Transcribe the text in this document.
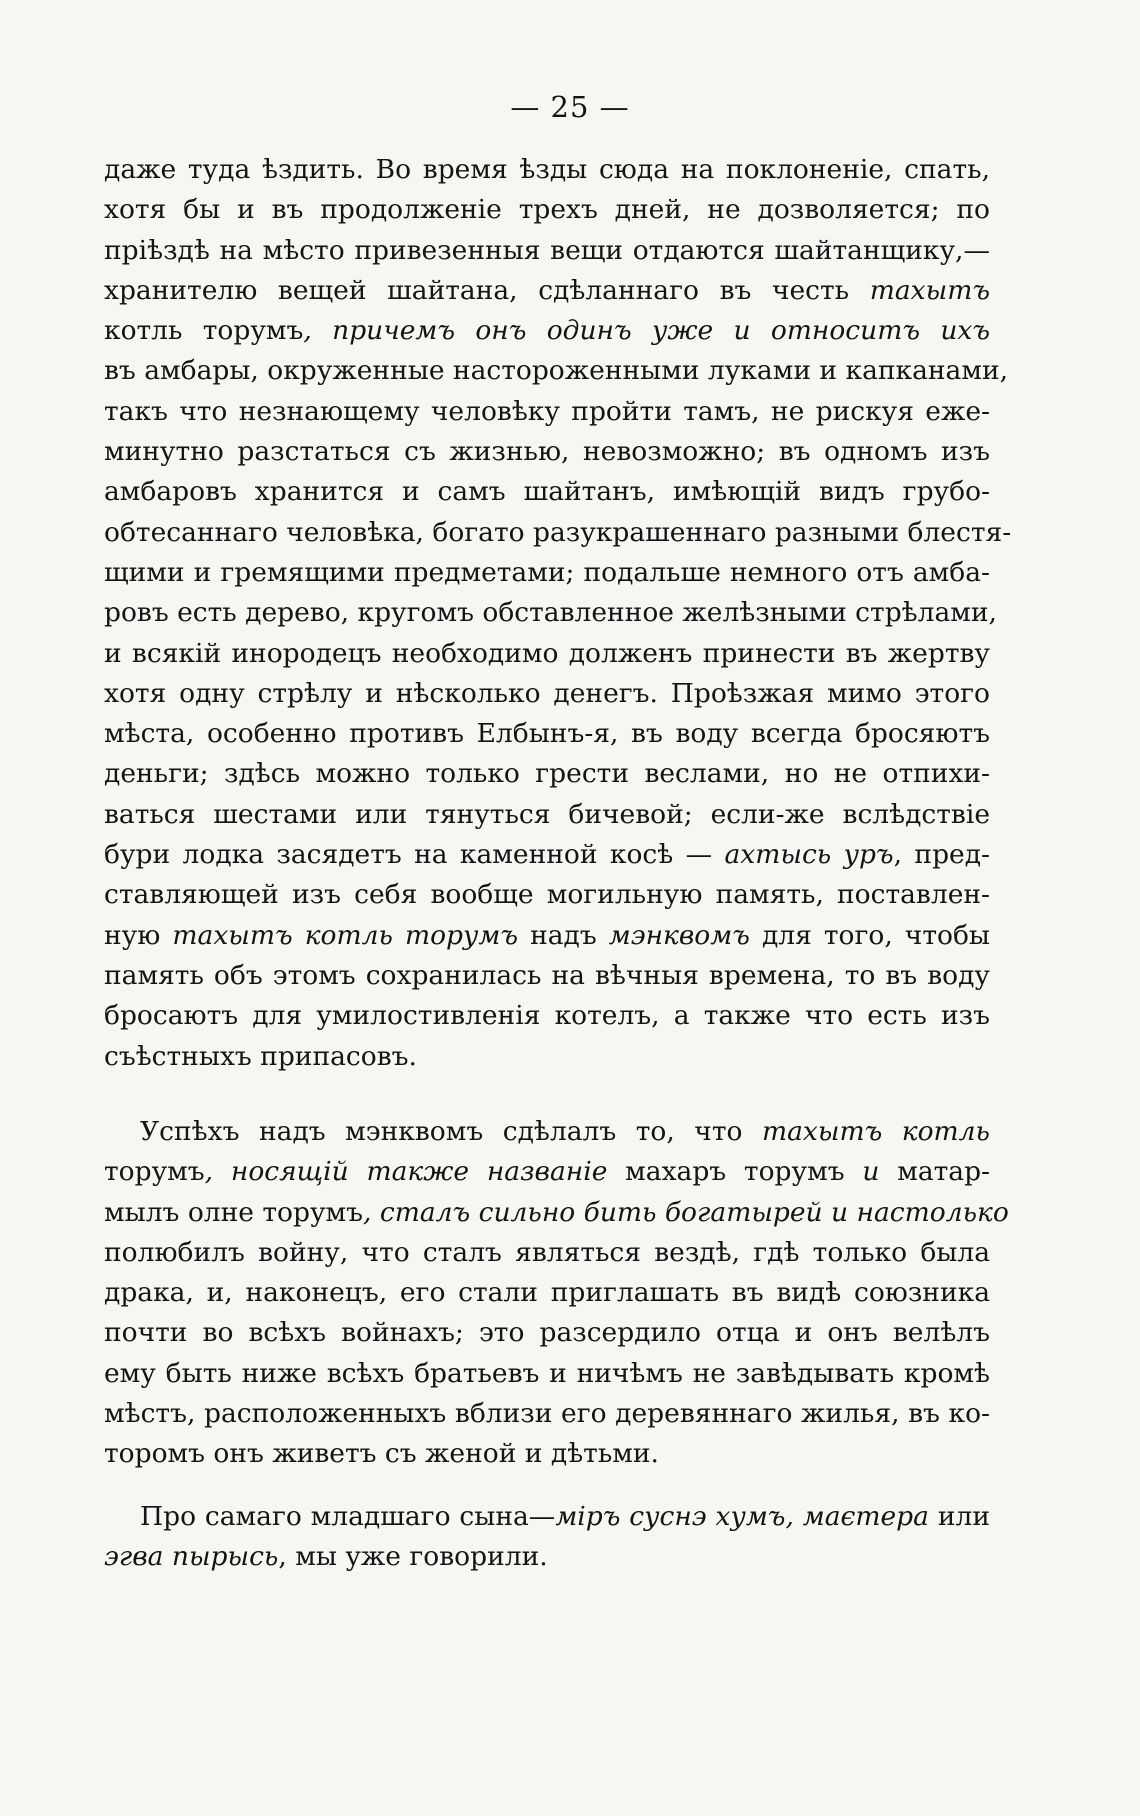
— 25 —
даже туда ѣздить. Во время ѣзды сюда на поклоненіе, спать,
хотя бы и въ продолженіе трехъ дней, не дозволяется; по
пріѣздѣ на мѣсто привезенныя вещи отдаются шайтанщику,—
хранителю вещей шайтана, сдѣланнаго въ честь тахытъ
котль торумъ, причемъ онъ одинъ уже и относитъ ихъ
въ амбары, окруженные настороженными луками и капканами,
такъ что незнающему человѣку пройти тамъ, не рискуя еже-
минутно разстаться съ жизнью, невозможно; въ одномъ изъ
амбаровъ хранится и самъ шайтанъ, имѣющій видъ грубо-
обтесаннаго человѣка, богато разукрашеннаго разными блестя-
щими и гремящими предметами; подальше немного отъ амба-
ровъ есть дерево, кругомъ обставленное желѣзными стрѣлами,
и всякій инородецъ необходимо долженъ принести въ жертву
хотя одну стрѣлу и нѣсколько денегъ. Проѣзжая мимо этого
мѣста, особенно противъ Елбынъ-я, въ воду всегда бросяютъ
деньги; здѣсь можно только грести веслами, но не отпихи-
ваться шестами или тянуться бичевой; если-же вслѣдствіе
бури лодка засядетъ на каменной косѣ — ахтысь уръ, пред-
ставляющей изъ себя вообще могильную память, поставлен-
ную тахытъ котль торумъ надъ мэнквомъ для того, чтобы
память объ этомъ сохранилась на вѣчныя времена, то въ воду
бросаютъ для умилостивленія котелъ, а также что есть изъ
съѣстныхъ припасовъ.
Успѣхъ надъ мэнквомъ сдѣлалъ то, что тахытъ котль
торумъ, носящій также названіе махаръ торумъ и матар-
мылъ олне торумъ, сталъ сильно бить богатырей и настолько
полюбилъ войну, что сталъ являться вездѣ, гдѣ только была
драка, и, наконецъ, его стали приглашать въ видѣ союзника
почти во всѣхъ войнахъ; это разсердило отца и онъ велѣлъ
ему быть ниже всѣхъ братьевъ и ничѣмъ не завѣдывать кромѣ
мѣстъ, расположенныхъ вблизи его деревяннаго жилья, въ ко-
торомъ онъ живетъ съ женой и дѣтьми.
Про самаго младшаго сына—міръ суснэ хумъ, маєтера или
эгва пырысь, мы уже говорили.
